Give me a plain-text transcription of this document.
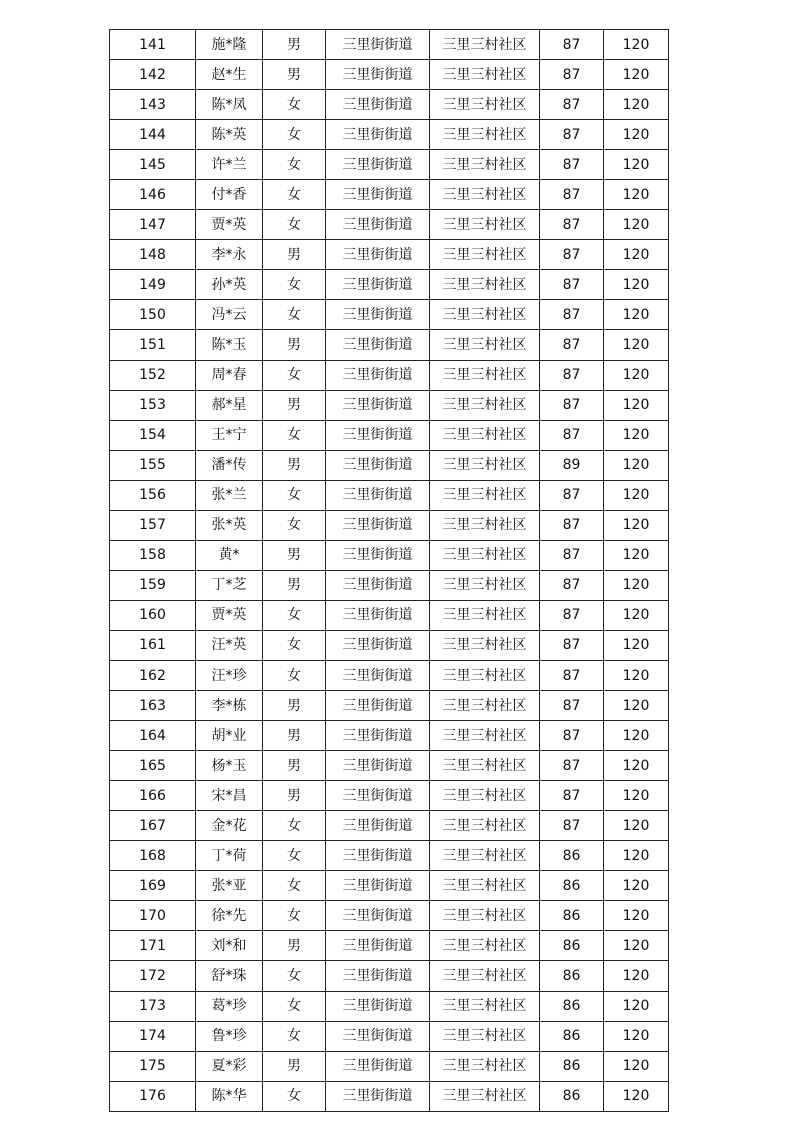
141	施*隆	男	三里街街道	三里三村社区	87	120
142	赵*生	男	三里街街道	三里三村社区	87	120
143	陈*凤	女	三里街街道	三里三村社区	87	120
144	陈*英	女	三里街街道	三里三村社区	87	120
145	许*兰	女	三里街街道	三里三村社区	87	120
146	付*香	女	三里街街道	三里三村社区	87	120
147	贾*英	女	三里街街道	三里三村社区	87	120
148	李*永	男	三里街街道	三里三村社区	87	120
149	孙*英	女	三里街街道	三里三村社区	87	120
150	冯*云	女	三里街街道	三里三村社区	87	120
151	陈*玉	男	三里街街道	三里三村社区	87	120
152	周*春	女	三里街街道	三里三村社区	87	120
153	郝*星	男	三里街街道	三里三村社区	87	120
154	王*宁	女	三里街街道	三里三村社区	87	120
155	潘*传	男	三里街街道	三里三村社区	89	120
156	张*兰	女	三里街街道	三里三村社区	87	120
157	张*英	女	三里街街道	三里三村社区	87	120
158	黄*	男	三里街街道	三里三村社区	87	120
159	丁*芝	男	三里街街道	三里三村社区	87	120
160	贾*英	女	三里街街道	三里三村社区	87	120
161	汪*英	女	三里街街道	三里三村社区	87	120
162	汪*珍	女	三里街街道	三里三村社区	87	120
163	李*栋	男	三里街街道	三里三村社区	87	120
164	胡*业	男	三里街街道	三里三村社区	87	120
165	杨*玉	男	三里街街道	三里三村社区	87	120
166	宋*昌	男	三里街街道	三里三村社区	87	120
167	金*花	女	三里街街道	三里三村社区	87	120
168	丁*荷	女	三里街街道	三里三村社区	86	120
169	张*亚	女	三里街街道	三里三村社区	86	120
170	徐*先	女	三里街街道	三里三村社区	86	120
171	刘*和	男	三里街街道	三里三村社区	86	120
172	舒*珠	女	三里街街道	三里三村社区	86	120
173	葛*珍	女	三里街街道	三里三村社区	86	120
174	鲁*珍	女	三里街街道	三里三村社区	86	120
175	夏*彩	男	三里街街道	三里三村社区	86	120
176	陈*华	女	三里街街道	三里三村社区	86	120
